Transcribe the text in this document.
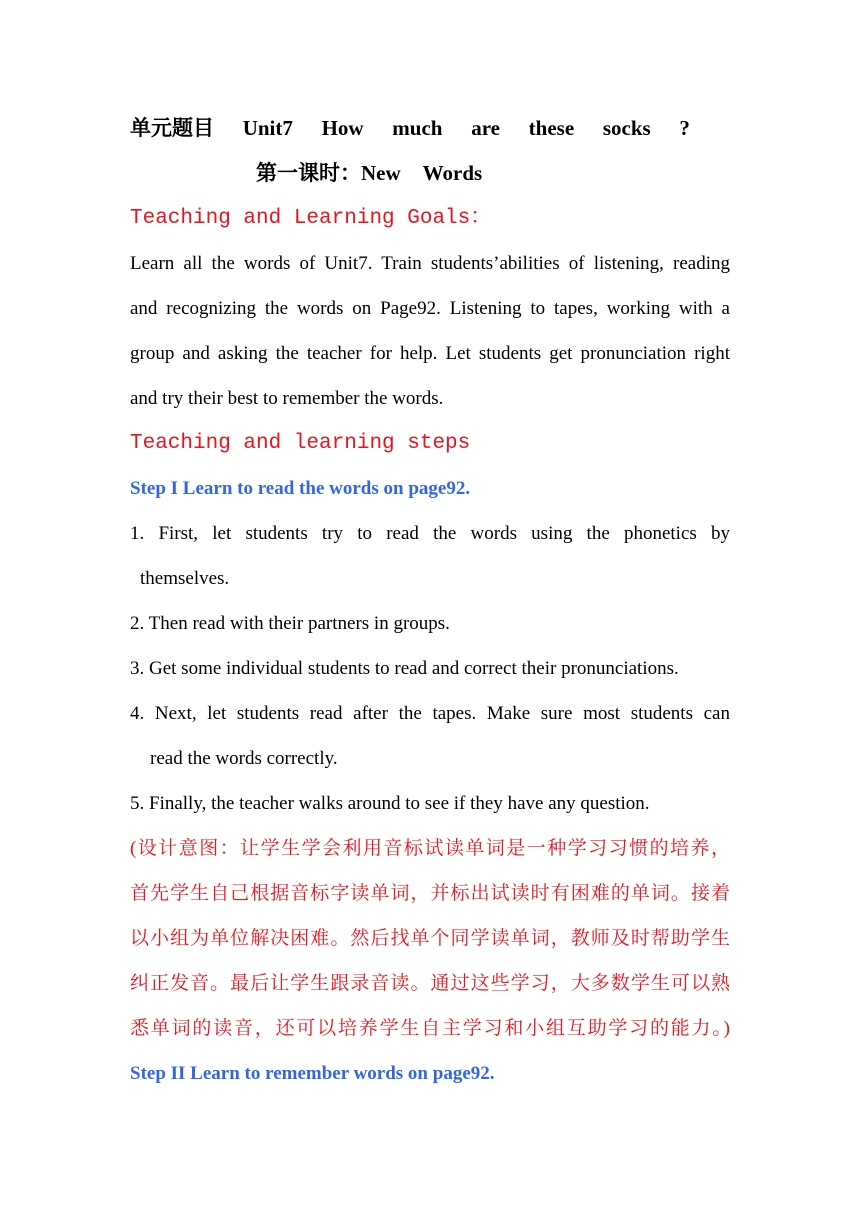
单元题目 Unit7 How much are these socks ?
第一课时：New Words
Teaching and Learning Goals：
Learn all the words of Unit7. Train students’abilities of listening, reading
and recognizing the words on Page92. Listening to tapes, working with a
group and asking the teacher for help. Let students get pronunciation right
and try their best to remember the words.
Teaching and learning steps
Step I Learn to read the words on page92.
1. First, let students try to read the words using the phonetics by
themselves.
2. Then read with their partners in groups.
3. Get some individual students to read and correct their pronunciations.
4. Next, let students read after the tapes. Make sure most students can
read the words correctly.
5. Finally, the teacher walks around to see if they have any question.
(设计意图：让学生学会利用音标试读单词是一种学习习惯的培养，
首先学生自己根据音标字读单词，并标出试读时有困难的单词。接着
以小组为单位解决困难。然后找单个同学读单词，教师及时帮助学生
纠正发音。最后让学生跟录音读。通过这些学习，大多数学生可以熟
悉单词的读音，还可以培养学生自主学习和小组互助学习的能力。)
Step II Learn to remember words on page92.
